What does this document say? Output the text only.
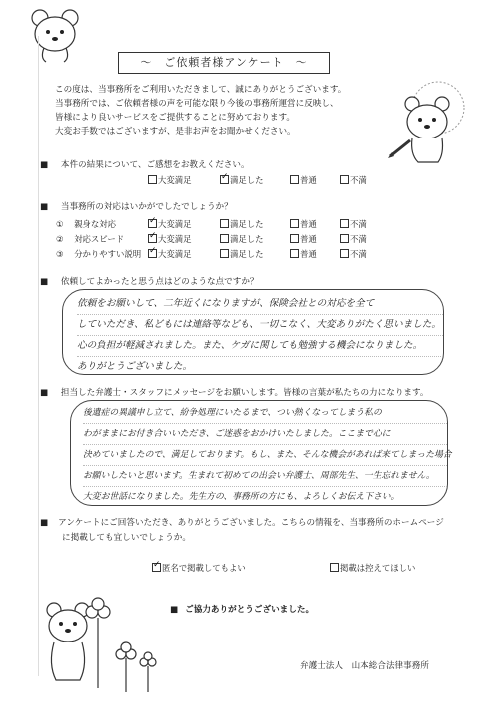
～　ご依頼者様アンケート　～
この度は、当事務所をご利用いただきまして、誠にありがとうございます。
当事務所では、ご依頼者様の声を可能な限り今後の事務所運営に反映し、
皆様により良いサービスをご提供することに努めております。
大変お手数ではございますが、是非お声をお聞かせください。
■ 本件の結果について、ご感想をお教えください。
大変満足 ✓	満足した	普通	不満
■ 当事務所の対応はいかがでしたでしょうか？
① 親身な対応 ✓	大変満足	満足した	普通	不満
② 対応スピード ✓	大変満足	満足した	普通	不満
③ 分かりやすい説明 ✓	大変満足	満足した	普通	不満
■ 依頼してよかったと思う点はどのような点ですか？
依頼をお願いして、二年近くになりますが、保険会社との対応を全て
していただき、私どもには連絡等なども、一切こなく、大変ありがたく思いました。
心の負担が軽減されました。また、ケガに関しても勉強する機会になりました。
ありがとうございました。
■ 担当した弁護士・スタッフにメッセージをお願いします。皆様の言葉が私たちの力になります。
後遺症の異議申し立て、紛争処理にいたるまで、つい熱くなってしまう私の
わがままにお付き合いいただき、ご迷惑をおかけいたしました。ここまで心に
決めていましたので、満足しております。もし、また、そんな機会があれば来てしまった場合
お願いしたいと思います。生まれて初めての出会い弁護士、周部先生、一生忘れません。
大変お世話になりました。先生方の、事務所の方にも、よろしくお伝え下さい。
■ アンケートにご回答いただき、ありがとうございました。こちらの情報を、当事務所のホームページ
に掲載しても宜しいでしょうか。
✓匿名で掲載してもよい	掲載は控えてほしい
■ ご協力ありがとうございました。
弁護士法人　山本総合法律事務所
